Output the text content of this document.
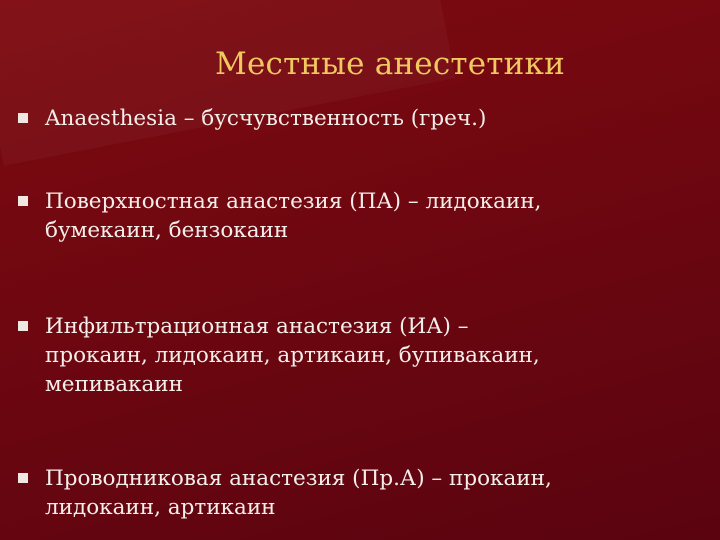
Местные анестетики
Anaesthesia – бусчувственность (греч.)
Поверхностная анастезия (ПА) – лидокаин,
бумекаин, бензокаин
Инфильтрационная анастезия (ИА) –
прокаин, лидокаин, артикаин, бупивакаин,
мепивакаин
Проводниковая анастезия (Пр.А) – прокаин,
лидокаин, артикаин
